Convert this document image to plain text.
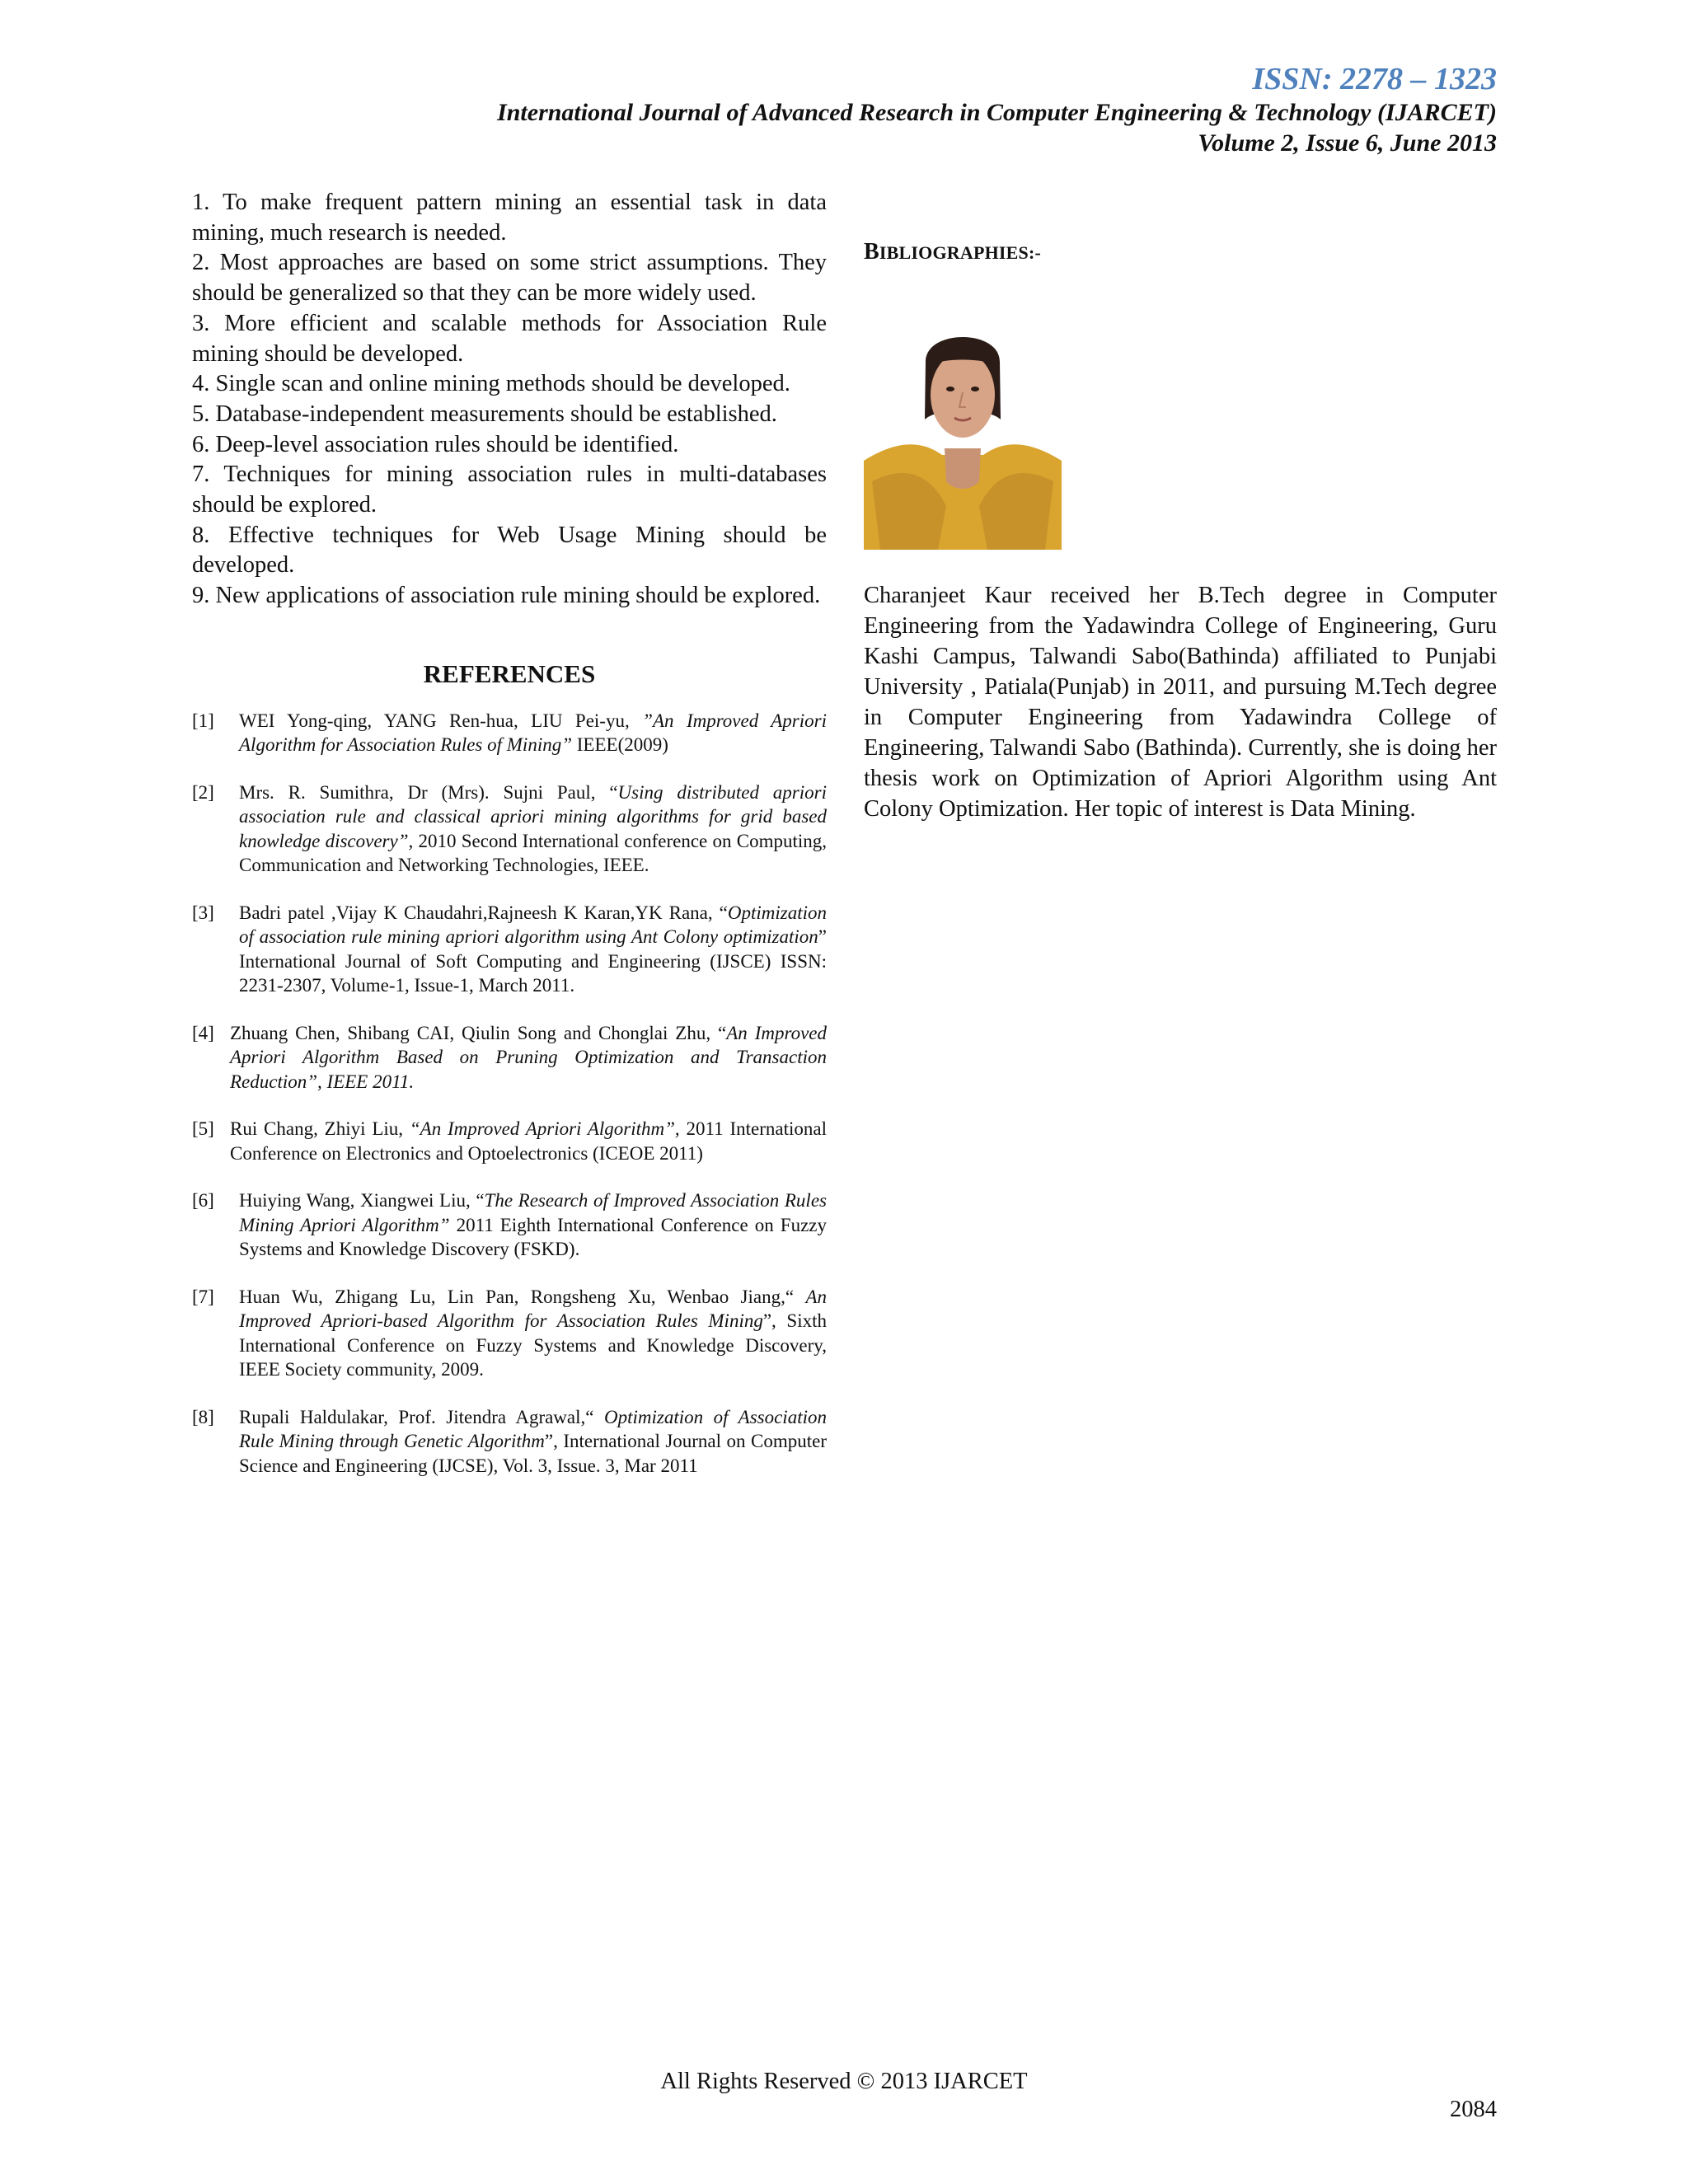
ISSN: 2278 – 1323
International Journal of Advanced Research in Computer Engineering & Technology (IJARCET)
Volume 2, Issue 6, June 2013
1. To make frequent pattern mining an essential task in data mining, much research is needed.
2. Most approaches are based on some strict assumptions. They should be generalized so that they can be more widely used.
3. More efficient and scalable methods for Association Rule mining should be developed.
4. Single scan and online mining methods should be developed.
5. Database-independent measurements should be established.
6. Deep-level association rules should be identified.
7. Techniques for mining association rules in multi-databases should be explored.
8. Effective techniques for Web Usage Mining should be developed.
9. New applications of association rule mining should be explored.
REFERENCES
[1]	WEI Yong-qing, YANG Ren-hua, LIU Pei-yu, ”An Improved Apriori Algorithm for Association Rules of Mining” IEEE(2009)
[2]	Mrs. R. Sumithra, Dr (Mrs). Sujni Paul, “Using distributed apriori association rule and classical apriori mining algorithms for grid based knowledge discovery”, 2010 Second International conference on Computing, Communication and Networking Technologies, IEEE.
[3]	Badri patel ,Vijay K Chaudahri,Rajneesh K Karan,YK Rana, “Optimization of association rule mining apriori algorithm using Ant Colony optimization” International Journal of Soft Computing and Engineering (IJSCE) ISSN: 2231-2307, Volume-1, Issue-1, March 2011.
[4] Zhuang Chen, Shibang CAI, Qiulin Song and Chonglai Zhu, “An Improved Apriori Algorithm Based on Pruning Optimization and Transaction Reduction”, IEEE 2011.
[5] Rui Chang, Zhiyi Liu, “An Improved Apriori Algorithm”, 2011 International Conference on Electronics and Optoelectronics (ICEOE 2011)
[6]	Huiying Wang, Xiangwei Liu, “The Research of Improved Association Rules Mining Apriori Algorithm” 2011 Eighth International Conference on Fuzzy Systems and Knowledge Discovery (FSKD).
[7]	Huan Wu, Zhigang Lu, Lin Pan, Rongsheng Xu, Wenbao Jiang,“ An Improved Apriori-based Algorithm for Association Rules Mining”, Sixth International Conference on Fuzzy Systems and Knowledge Discovery, IEEE Society community, 2009.
[8]	Rupali Haldulakar, Prof. Jitendra Agrawal,“ Optimization of Association Rule Mining through Genetic Algorithm”, International Journal on Computer Science and Engineering (IJCSE), Vol. 3, Issue. 3, Mar 2011
BIBLIOGRAPHIES:-
Charanjeet Kaur received her B.Tech degree in Computer Engineering from the Yadawindra College of Engineering, Guru Kashi Campus, Talwandi Sabo(Bathinda) affiliated to Punjabi University , Patiala(Punjab) in 2011, and pursuing M.Tech degree in Computer Engineering from Yadawindra College of Engineering, Talwandi Sabo (Bathinda). Currently, she is doing her thesis work on Optimization of Apriori Algorithm using Ant Colony Optimization. Her topic of interest is Data Mining.
All Rights Reserved © 2013 IJARCET
2084
